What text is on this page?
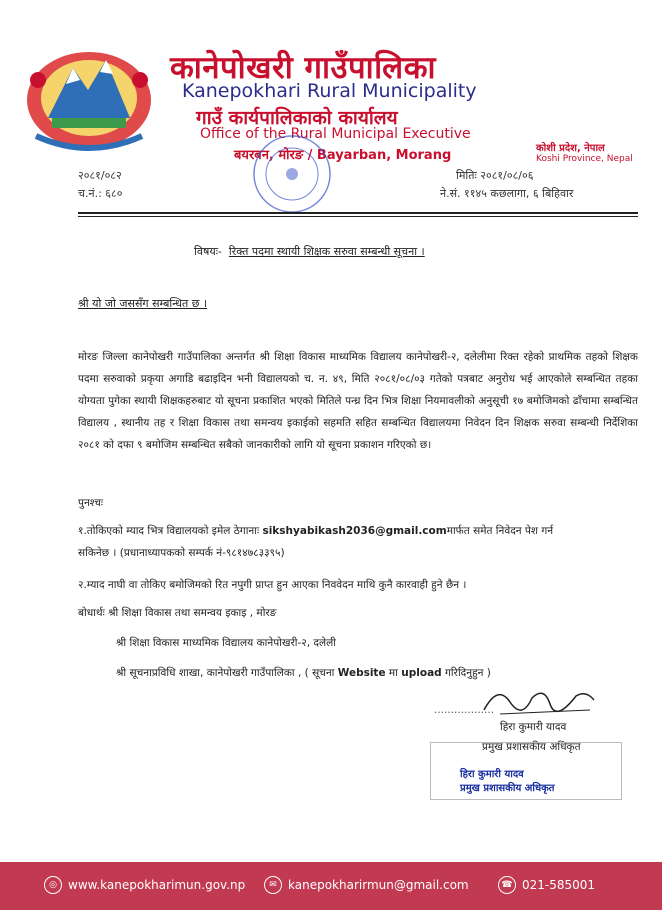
कानेपोखरी गाउँपालिका
Kanepokhari Rural Municipality
गाउँ कार्यपालिकाको कार्यालय
Office of the Rural Municipal Executive
बयरबन, मोरङ / Bayarban, Morang	कोशी प्रदेश, नेपाल
Koshi Province, Nepal
२०८१/०८२
च.नं.: ६८०
मितिः २०८१/०८/०६
ने.सं. ११४५ कछलागा, ६ बिहिवार
विषयः- रिक्त पदमा स्थायी शिक्षक सरुवा सम्बन्धी सूचना ।
श्री यो जो जससँग सम्बन्धित छ ।
मोरङ जिल्ला कानेपोखरी गाउँपालिका अन्तर्गत श्री शिक्षा विकास माध्यमिक विद्यालय कानेपोखरी-२, दलेलीमा रिक्त रहेको प्राथमिक तहको शिक्षक पदमा सरुवाको प्रकृया अगाडि बढाइदिन भनी विद्यालयको च. न. ४९, मिति २०८१/०८/०३ गतेको पत्रबाट अनुरोध भई आएकोले सम्बन्धित तहका योग्यता पुगेका स्थायी शिक्षकहरुबाट यो सूचना प्रकाशित भएको मितिले पन्ध्र दिन भित्र शिक्षा नियमावलीको अनुसूची १७ बमोजिमको ढाँचामा सम्बन्धित विद्यालय , स्थानीय तह र शिक्षा विकास तथा समन्वय इकाईको सहमति सहित सम्बन्धित विद्यालयमा निवेदन दिन शिक्षक सरुवा सम्बन्धी निर्देशिका २०८१ को दफा ९ बमोजिम सम्बन्धित सबैको जानकारीको लागि यो सूचना प्रकाशन गरिएको छ।
पुनश्चः
१.तोकिएको म्याद भित्र विद्यालयको इमेल ठेगानाः sikshyabikash2036@gmail.comमार्फत समेत निवेदन पेश गर्न
सकिनेछ । (प्रधानाध्यापकको सम्पर्क नं-९८१४७८३३९५)
२.म्याद नाघी वा तोकिए बमोजिमको रित नपुगी प्राप्त हुन आएका निववेदन माथि कुनै कारवाही हुने छैन ।
बोधार्थः श्री शिक्षा विकास तथा समन्वय इकाइ , मोरङ
श्री शिक्षा विकास माध्यमिक विद्यालय कानेपोखरी-२, दलेली
श्री सूचनाप्रविधि शाखा, कानेपोखरी गाउँपालिका , ( सूचना Website मा upload गरिदिनुहुन )
..................
हिरा कुमारी यादव
प्रमुख प्रशासकीय अधिकृत
हिरा कुमारी यादव
प्रमुख प्रशासकीय अधिकृत
◎ www.kanepokharimun.gov.np	✉ kanepokharirmun@gmail.com	☎ 021-585001
